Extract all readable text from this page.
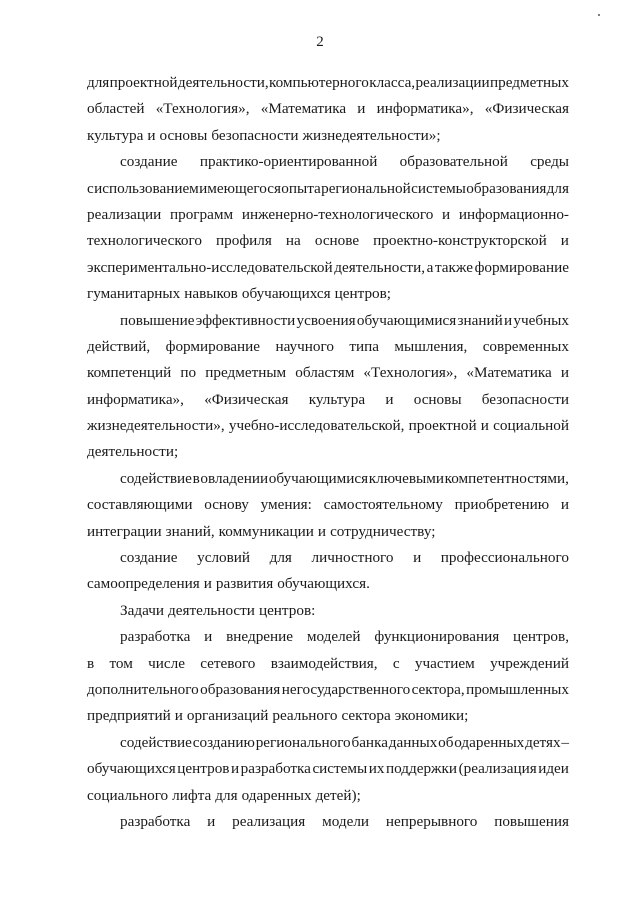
2
для проектной деятельности, компьютерного класса, реализации предметных
областей «Технология», «Математика и информатика», «Физическая
культура и основы безопасности жизнедеятельности»;
создание практико-ориентированной образовательной среды
с использованием имеющегося опыта региональной системы образования для
реализации программ инженерно-технологического и информационно-
технологического профиля на основе проектно-конструкторской и
экспериментально-исследовательской деятельности, а также формирование
гуманитарных навыков обучающихся центров;
повышение эффективности усвоения обучающимися знаний и учебных
действий, формирование научного типа мышления, современных
компетенций по предметным областям «Технология», «Математика и
информатика», «Физическая культура и основы безопасности
жизнедеятельности», учебно-исследовательской, проектной и социальной
деятельности;
содействие в овладении обучающимися ключевыми компетентностями,
составляющими основу умения: самостоятельному приобретению и
интеграции знаний, коммуникации и сотрудничеству;
создание условий для личностного и профессионального
самоопределения и развития обучающихся.
Задачи деятельности центров:
разработка и внедрение моделей функционирования центров,
в том числе сетевого взаимодействия, с участием учреждений
дополнительного образования негосударственного сектора, промышленных
предприятий и организаций реального сектора экономики;
содействие созданию регионального банка данных об одаренных детях –
обучающихся центров и разработка системы их поддержки (реализация идеи
социального лифта для одаренных детей);
разработка и реализация модели непрерывного повышения
